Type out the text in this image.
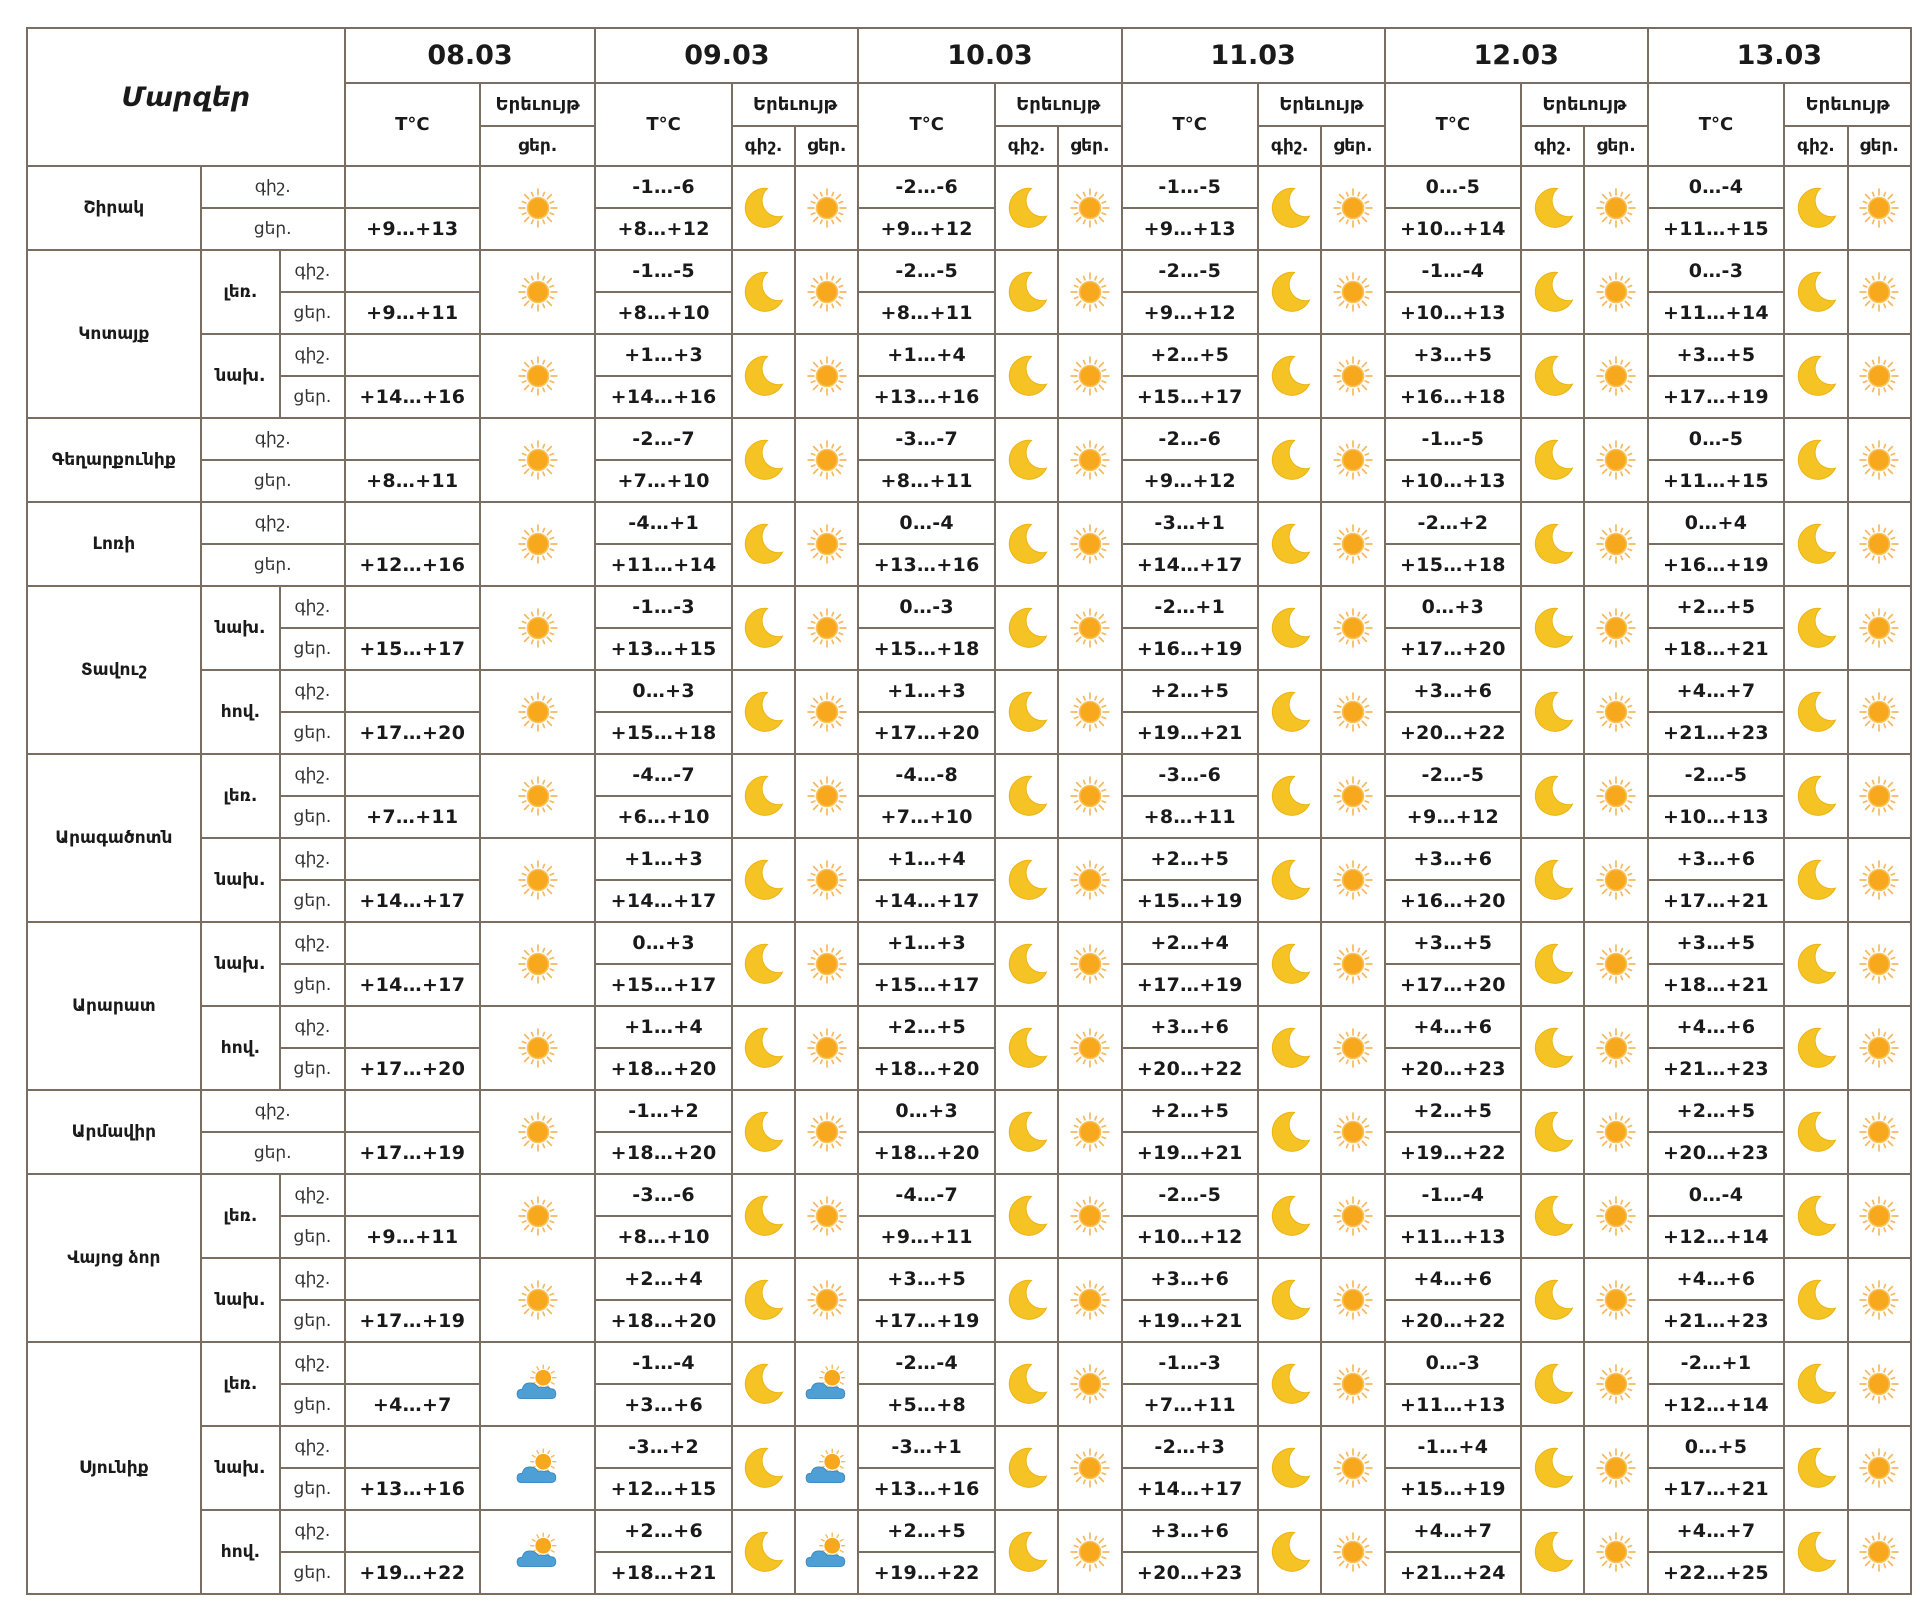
Մարզեր			08.03		09.03			10.03			11.03			12.03			13.03		
			T°C	Երեւույթ	T°C	Երեւույթ		T°C	Երեւույթ		T°C	Երեւույթ		T°C	Երեւույթ		T°C	Երեւույթ	
				ցեր.		գիշ.	ցեր.		գիշ.	ցեր.		գիշ.	ցեր.		գիշ.	ցեր.		գիշ.	ցեր.
Շիրակ	գիշ.				-1…-6			-2…-6			-1…-5			0…-5			0…-4	

	ցեր.		+9…+13		+8…+12			+9…+12			+9…+13			+10…+14			+11…+15		
Կոտայք	լեռ.	գիշ.			-1…-5			-2…-5			-2…-5			-1…-4			0…-3	

		ցեր.	+9…+11		+8…+10			+8…+11			+9…+12			+10…+13			+11…+14		
	նախ.	գիշ.			+1…+3			+1…+4			+2…+5			+3…+5			+3…+5	

		ցեր.	+14…+16		+14…+16			+13…+16			+15…+17			+16…+18			+17…+19		
Գեղարքունիք	գիշ.				-2…-7			-3…-7			-2…-6			-1…-5			0…-5	

	ցեր.		+8…+11		+7…+10			+8…+11			+9…+12			+10…+13			+11…+15		
Լոռի	գիշ.				-4…+1			0…-4			-3…+1			-2…+2			0…+4	

	ցեր.		+12…+16		+11…+14			+13…+16			+14…+17			+15…+18			+16…+19		
Տավուշ	նախ.	գիշ.			-1…-3			0…-3			-2…+1			0…+3			+2…+5	

		ցեր.	+15…+17		+13…+15			+15…+18			+16…+19			+17…+20			+18…+21		
	հով.	գիշ.			0…+3			+1…+3			+2…+5			+3…+6			+4…+7	

		ցեր.	+17…+20		+15…+18			+17…+20			+19…+21			+20…+22			+21…+23		
Արագածոտն	լեռ.	գիշ.			-4…-7			-4…-8			-3…-6			-2…-5			-2…-5	

		ցեր.	+7…+11		+6…+10			+7…+10			+8…+11			+9…+12			+10…+13		
	նախ.	գիշ.			+1…+3			+1…+4			+2…+5			+3…+6			+3…+6	

		ցեր.	+14…+17		+14…+17			+14…+17			+15…+19			+16…+20			+17…+21		
Արարատ	նախ.	գիշ.			0…+3			+1…+3			+2…+4			+3…+5			+3…+5	

		ցեր.	+14…+17		+15…+17			+15…+17			+17…+19			+17…+20			+18…+21		
	հով.	գիշ.			+1…+4			+2…+5			+3…+6			+4…+6			+4…+6	

		ցեր.	+17…+20		+18…+20			+18…+20			+20…+22			+20…+23			+21…+23		
Արմավիր	գիշ.				-1…+2			0…+3			+2…+5			+2…+5			+2…+5	

	ցեր.		+17…+19		+18…+20			+18…+20			+19…+21			+19…+22			+20…+23		
Վայոց ձոր	լեռ.	գիշ.			-3…-6			-4…-7			-2…-5			-1…-4			0…-4	

		ցեր.	+9…+11		+8…+10			+9…+11			+10…+12			+11…+13			+12…+14		
	նախ.	գիշ.			+2…+4			+3…+5			+3…+6			+4…+6			+4…+6	

		ցեր.	+17…+19		+18…+20			+17…+19			+19…+21			+20…+22			+21…+23		
Սյունիք	լեռ.	գիշ.			-1…-4			-2…-4			-1…-3			0…-3			-2…+1	

		ցեր.	+4…+7		+3…+6			+5…+8			+7…+11			+11…+13			+12…+14		
	նախ.	գիշ.			-3…+2			-3…+1			-2…+3			-1…+4			0…+5	

		ցեր.	+13…+16		+12…+15			+13…+16			+14…+17			+15…+19			+17…+21		
	հով.	գիշ.			+2…+6			+2…+5			+3…+6			+4…+7			+4…+7	

		ցեր.	+19…+22		+18…+21			+19…+22			+20…+23			+21…+24			+22…+25		
